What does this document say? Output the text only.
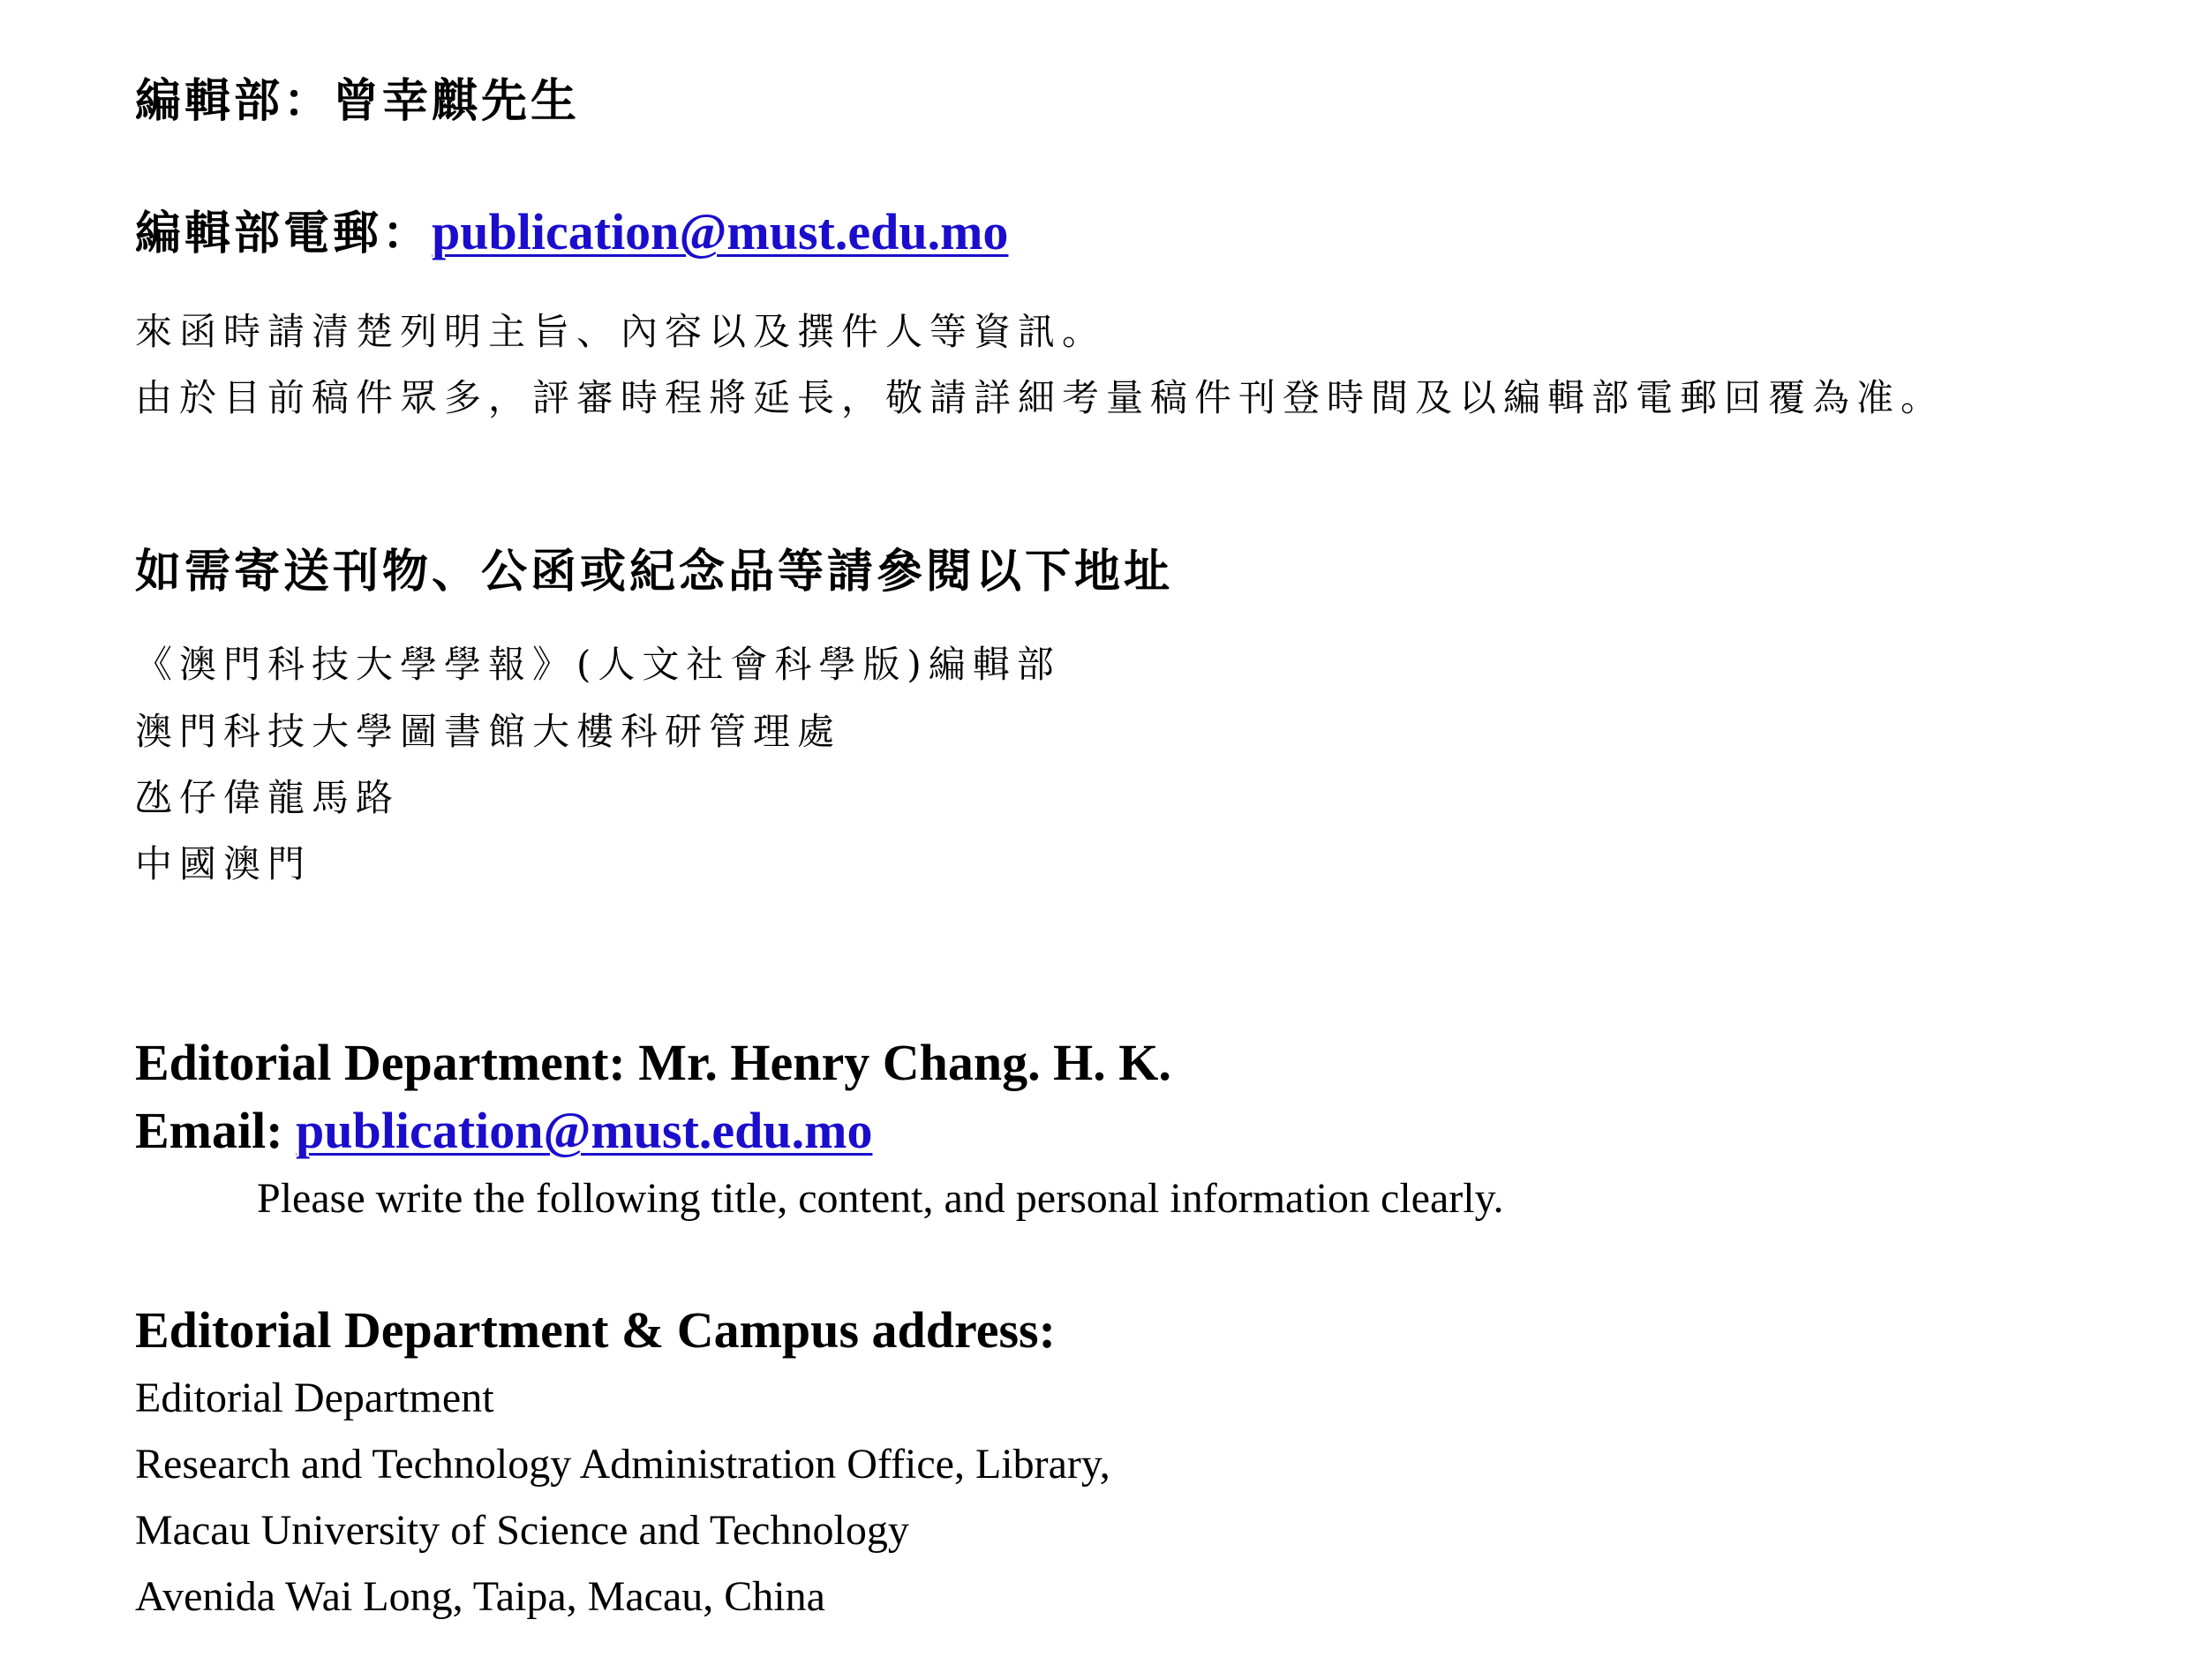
編輯部：曾幸麒先生
編輯部電郵：publication@must.edu.mo
來函時請清楚列明主旨、內容以及撰件人等資訊。
由於目前稿件眾多，評審時程將延長，敬請詳細考量稿件刊登時間及以編輯部電郵回覆為准。
如需寄送刊物、公函或紀念品等請參閱以下地址
《澳門科技大學學報》(人文社會科學版)編輯部
澳門科技大學圖書館大樓科研管理處
氹仔偉龍馬路
中國澳門
Editorial Department: Mr. Henry Chang. H. K.
Email: publication@must.edu.mo
Please write the following title, content, and personal information clearly.
Editorial Department & Campus address:
Editorial Department
Research and Technology Administration Office, Library,
Macau University of Science and Technology
Avenida Wai Long, Taipa, Macau, China
